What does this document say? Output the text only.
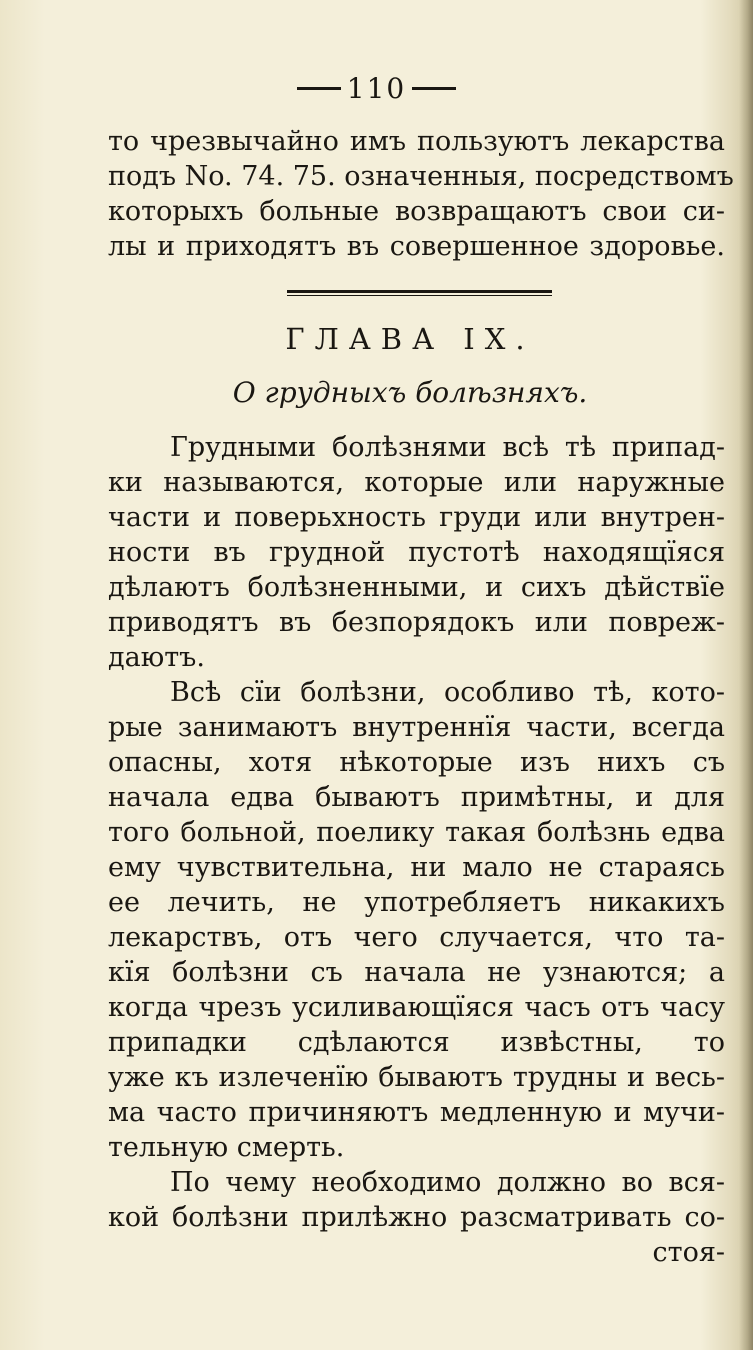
110
то чрезвычайно имъ пользуютъ лекарства
подъ No. 74. 75. означенныя, посредствомъ
которыхъ больные возвращаютъ свои си-
лы и приходятъ въ совершенное здоровье.
ГЛАВА IX.
О грудныхъ болѣзняхъ.
Грудными болѣзнями всѣ тѣ припад-
ки называются, которые или наружные
части и поверьхность груди или внутрен-
ности въ грудной пустотѣ находящїяся
дѣлаютъ болѣзненными, и сихъ дѣйствїе
приводятъ въ безпорядокъ или повреж-
даютъ.
Всѣ сїи болѣзни, особливо тѣ, кото-
рые занимаютъ внутреннїя части, всегда
опасны, хотя нѣкоторые изъ нихъ съ
начала едва бываютъ примѣтны, и для
того больной, поелику такая болѣзнь едва
ему чувствительна, ни мало не стараясь
ее лечить, не употребляетъ никакихъ
лекарствъ, отъ чего случается, что та-
кїя болѣзни съ начала не узнаются; а
когда чрезъ усиливающїяся часъ отъ часу
припадки сдѣлаются извѣстны, то
уже къ излеченїю бываютъ трудны и весь-
ма часто причиняютъ медленную и мучи-
тельную смерть.
По чему необходимо должно во вся-
кой болѣзни прилѣжно разсматривать со-
стоя-
